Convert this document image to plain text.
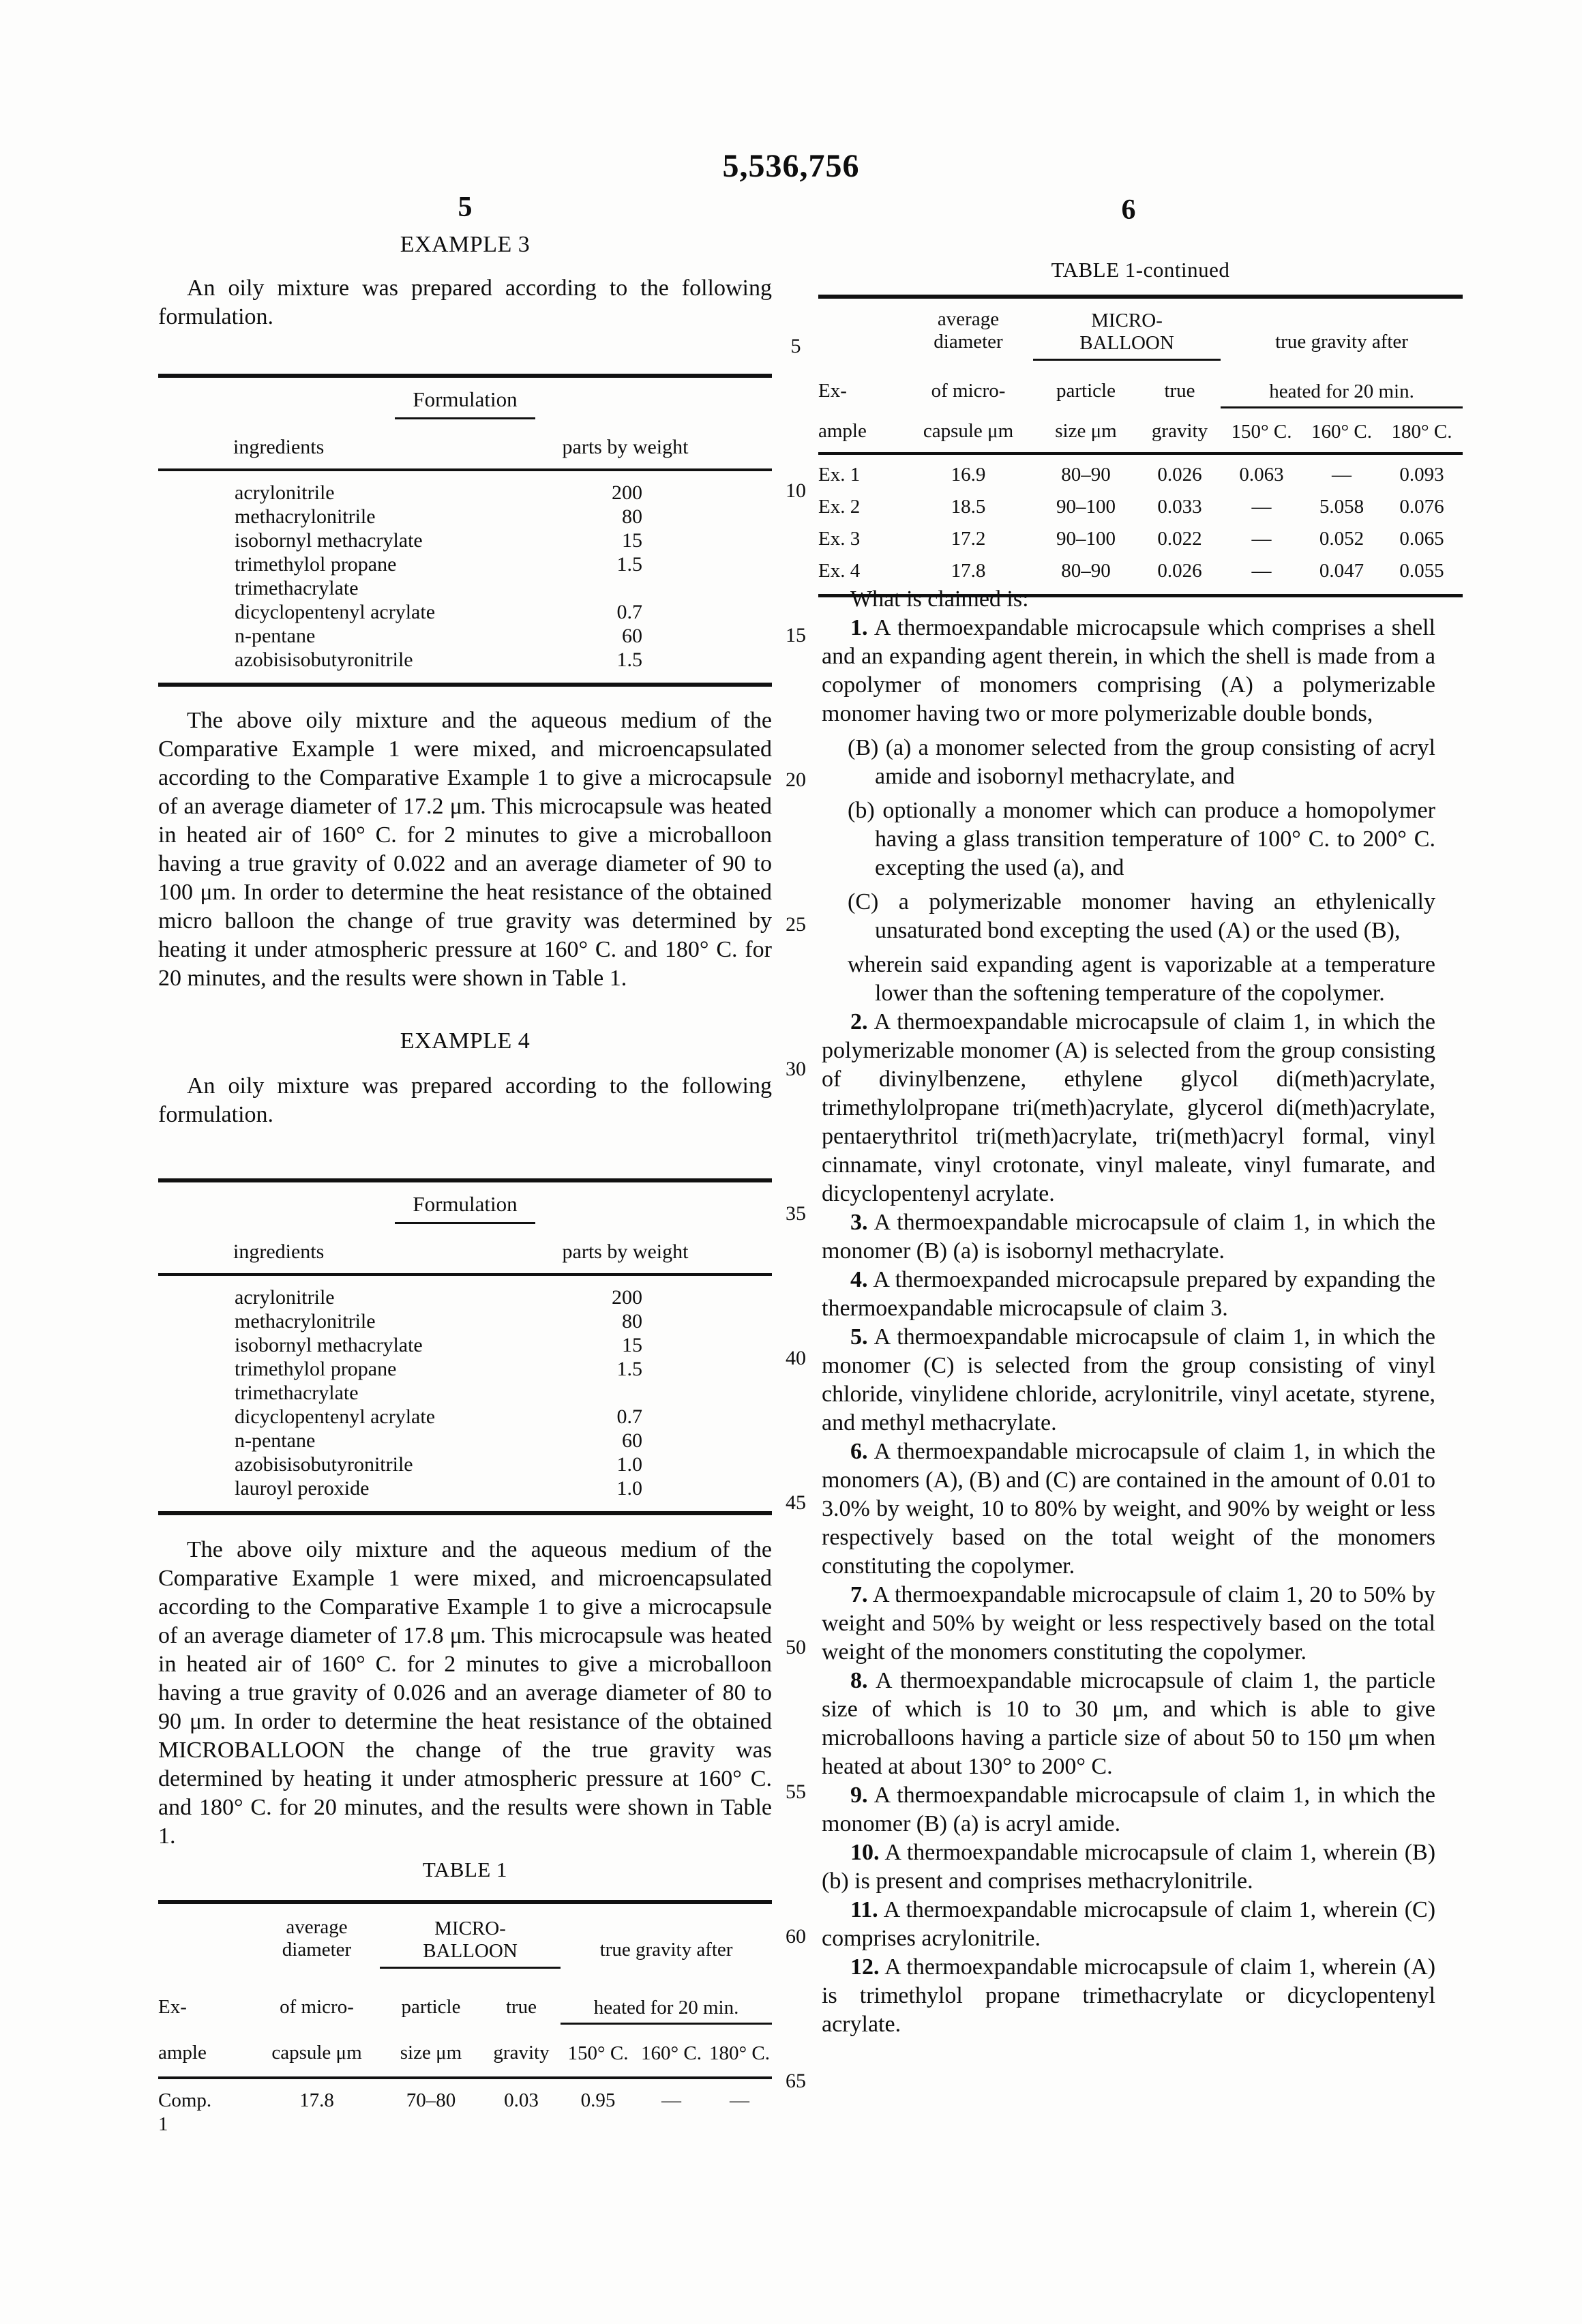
5,536,756
5	6
5
10
15
20
25
30
35
40
45
50
55
60
65
EXAMPLE 3

An oily mixture was prepared according to the following formulation.

Formulation
ingredients	parts by weight
acrylonitrile	200
methacrylonitrile	80
isobornyl methacrylate	15
trimethylol propane	1.5
trimethacrylate
dicyclopentenyl acrylate	0.7
n-pentane	60
azobisisobutyronitrile	1.5

The above oily mixture and the aqueous medium of the Comparative Example 1 were mixed, and microencapsulated according to the Comparative Example 1 to give a microcapsule of an average diameter of 17.2 μm. This microcapsule was heated in heated air of 160° C. for 2 minutes to give a microballoon having a true gravity of 0.022 and an average diameter of 90 to 100 μm. In order to determine the heat resistance of the obtained micro balloon the change of true gravity was determined by heating it under atmospheric pressure at 160° C. and 180° C. for 20 minutes, and the results were shown in Table 1.

EXAMPLE 4

An oily mixture was prepared according to the following formulation.

Formulation
ingredients	parts by weight
acrylonitrile	200
methacrylonitrile	80
isobornyl methacrylate	15
trimethylol propane	1.5
trimethacrylate
dicyclopentenyl acrylate	0.7
n-pentane	60
azobisisobutyronitrile	1.0
lauroyl peroxide	1.0

The above oily mixture and the aqueous medium of the Comparative Example 1 were mixed, and microencapsulated according to the Comparative Example 1 to give a microcapsule of an average diameter of 17.8 μm. This microcapsule was heated in heated air of 160° C. for 2 minutes to give a microballoon having a true gravity of 0.026 and an average diameter of 80 to 90 μm. In order to determine the heat resistance of the obtained MICROBALLOON the change of the true gravity was determined by heating it under atmospheric pressure at 160° C. and 180° C. for 20 minutes, and the results were shown in Table 1.

TABLE 1

average
diameter

MICRO-
BALLOON	true gravity after
Ex-	of micro-	particle	true	heated for 20 min.		
ample	capsule μm	size μm	gravity	150° C.	160° C.	180° C.
Comp.
1	17.8	70–80	0.03	0.95	—	—
TABLE 1-continued

average
diameter

MICRO-
BALLOON	true gravity after
Ex-	of micro-	particle	true	heated for 20 min.		
ample	capsule μm	size μm	gravity	150° C.	160° C.	180° C.
Ex. 1	16.9	80–90	0.026	0.063	—	0.093
Ex. 2	18.5	90–100	0.033	—	5.058	0.076
Ex. 3	17.2	90–100	0.022	—	0.052	0.065
Ex. 4	17.8	80–90	0.026	—	0.047	0.055

What is claimed is:

1. A thermoexpandable microcapsule which comprises a shell and an expanding agent therein, in which the shell is made from a copolymer of monomers comprising (A) a polymerizable monomer having two or more polymerizable double bonds,

(B) (a) a monomer selected from the group consisting of acryl amide and isobornyl methacrylate, and

(b) optionally a monomer which can produce a homopolymer having a glass transition temperature of 100° C. to 200° C. excepting the used (a), and

(C) a polymerizable monomer having an ethylenically unsaturated bond excepting the used (A) or the used (B),

wherein said expanding agent is vaporizable at a temperature lower than the softening temperature of the copolymer.

2. A thermoexpandable microcapsule of claim 1, in which the polymerizable monomer (A) is selected from the group consisting of divinylbenzene, ethylene glycol di(meth)acrylate, trimethylolpropane tri(meth)acrylate, glycerol di(meth)acrylate, pentaerythritol tri(meth)acrylate, tri(meth)acryl formal, vinyl cinnamate, vinyl crotonate, vinyl maleate, vinyl fumarate, and dicyclopentenyl acrylate.

3. A thermoexpandable microcapsule of claim 1, in which the monomer (B) (a) is isobornyl methacrylate.

4. A thermoexpanded microcapsule prepared by expanding the thermoexpandable microcapsule of claim 3.

5. A thermoexpandable microcapsule of claim 1, in which the monomer (C) is selected from the group consisting of vinyl chloride, vinylidene chloride, acrylonitrile, vinyl acetate, styrene, and methyl methacrylate.

6. A thermoexpandable microcapsule of claim 1, in which the monomers (A), (B) and (C) are contained in the amount of 0.01 to 3.0% by weight, 10 to 80% by weight, and 90% by weight or less respectively based on the total weight of the monomers constituting the copolymer.

7. A thermoexpandable microcapsule of claim 1, 20 to 50% by weight and 50% by weight or less respectively based on the total weight of the monomers constituting the copolymer.

8. A thermoexpandable microcapsule of claim 1, the particle size of which is 10 to 30 μm, and which is able to give microballoons having a particle size of about 50 to 150 μm when heated at about 130° to 200° C.

9. A thermoexpandable microcapsule of claim 1, in which the monomer (B) (a) is acryl amide.

10. A thermoexpandable microcapsule of claim 1, wherein (B) (b) is present and comprises methacrylonitrile.

11. A thermoexpandable microcapsule of claim 1, wherein (C) comprises acrylonitrile.

12. A thermoexpandable microcapsule of claim 1, wherein (A) is trimethylol propane trimethacrylate or dicyclopentenyl acrylate.
